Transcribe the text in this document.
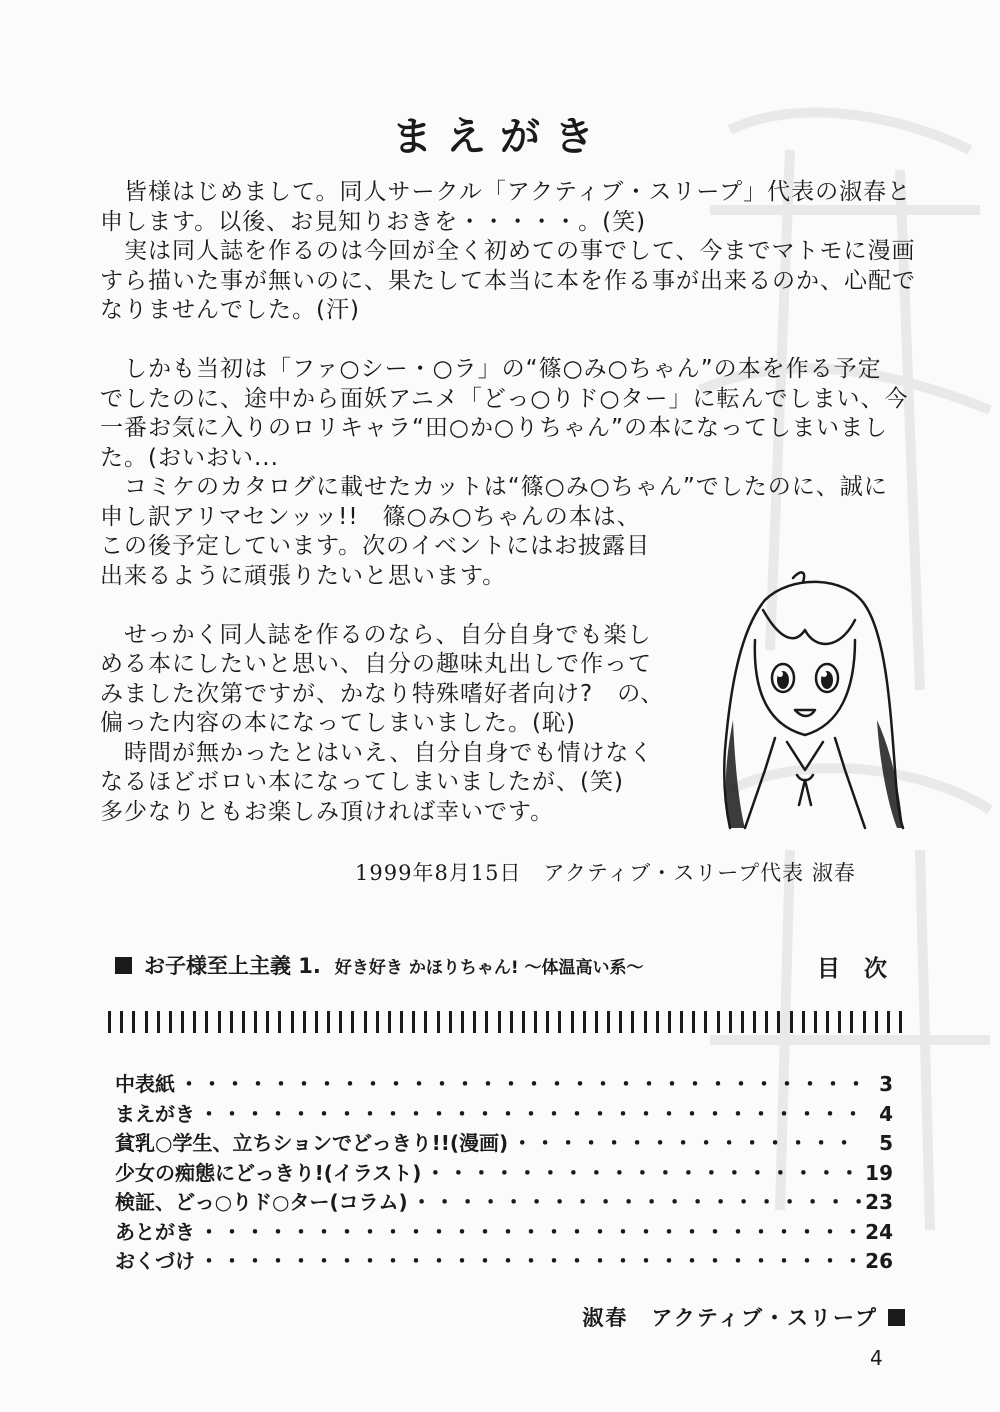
まえがき
　皆様はじめまして。同人サークル「アクティブ・スリープ」代表の淑春と
申します。以後、お見知りおきを・・・・・。(笑)
　実は同人誌を作るのは今回が全く初めての事でして、今までマトモに漫画
すら描いた事が無いのに、果たして本当に本を作る事が出来るのか、心配で
なりませんでした。(汗)
　しかも当初は「ファ○シー・○ラ」の“篠○み○ちゃん”の本を作る予定
でしたのに、途中から面妖アニメ「どっ○りド○ター」に転んでしまい、今
一番お気に入りのロリキャラ“田○か○りちゃん”の本になってしまいまし
た。(おいおい...
　コミケのカタログに載せたカットは“篠○み○ちゃん”でしたのに、誠に
申し訳アリマセンッッ!!　篠○み○ちゃんの本は、
この後予定しています。次のイベントにはお披露目
出来るように頑張りたいと思います。
　せっかく同人誌を作るのなら、自分自身でも楽し
める本にしたいと思い、自分の趣味丸出しで作って
みました次第ですが、かなり特殊嗜好者向け?　の、
偏った内容の本になってしまいました。(恥)
　時間が無かったとはいえ、自分自身でも情けなく
なるほどボロい本になってしまいましたが、(笑)
多少なりともお楽しみ頂ければ幸いです。
1999年8月15日　アクティブ・スリープ代表 淑春
お子様至上主義 1. 好き好き かほりちゃん! ～体温高い系～	目 次
中表紙 ・・・・・・・・・・・・・・・・・・・・・・・・・・・・・・・・・・・・・・・・・・・・・・	3
まえがき ・・・・・・・・・・・・・・・・・・・・・・・・・・・・・・・・・・・・・・・・・・・・・・	4
貧乳○学生、立ちションでどっきり!!(漫画) ・・・・・・・・・・・・・・・・・・・・・・・・・・・・・・・・・・・・・・・・・・・・・・	5
少女の痴態にどっきり!(イラスト) ・・・・・・・・・・・・・・・・・・・・・・・・・・・・・・・・・・・・・・・・・・・・・・	19
検証、どっ○りド○ター(コラム) ・・・・・・・・・・・・・・・・・・・・・・・・・・・・・・・・・・・・・・・・・・・・・・	23
あとがき ・・・・・・・・・・・・・・・・・・・・・・・・・・・・・・・・・・・・・・・・・・・・・・	24
おくづけ ・・・・・・・・・・・・・・・・・・・・・・・・・・・・・・・・・・・・・・・・・・・・・・	26
淑春　アクティブ・スリープ
4
